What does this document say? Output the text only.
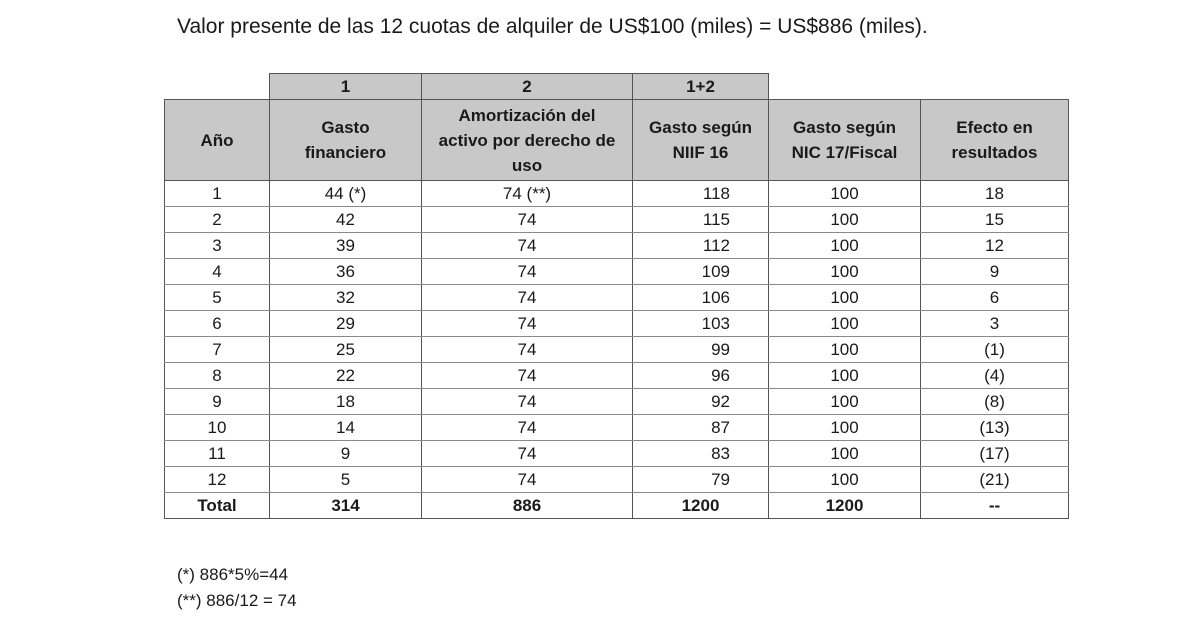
Valor presente de las 12 cuotas de alquiler de US$100 (miles) = US$886 (miles).
	1	2	1+2		
Año	Gasto financiero	Amortización del activo por derecho de uso	Gasto según NIIF 16	Gasto según NIC 17/Fiscal	Efecto en resultados

1	44 (*)	74 (**)	118	100	18
2	42	74	115	100	15
3	39	74	112	100	12
4	36	74	109	100	9
5	32	74	106	100	6
6	29	74	103	100	3
7	25	74	99	100	(1)
8	22	74	96	100	(4)
9	18	74	92	100	(8)
10	14	74	87	100	(13)
11	9	74	83	100	(17)
12	5	74	79	100	(21)
Total	314	886	1200	1200	--
(*) 886*5%=44
(**) 886/12 = 74
